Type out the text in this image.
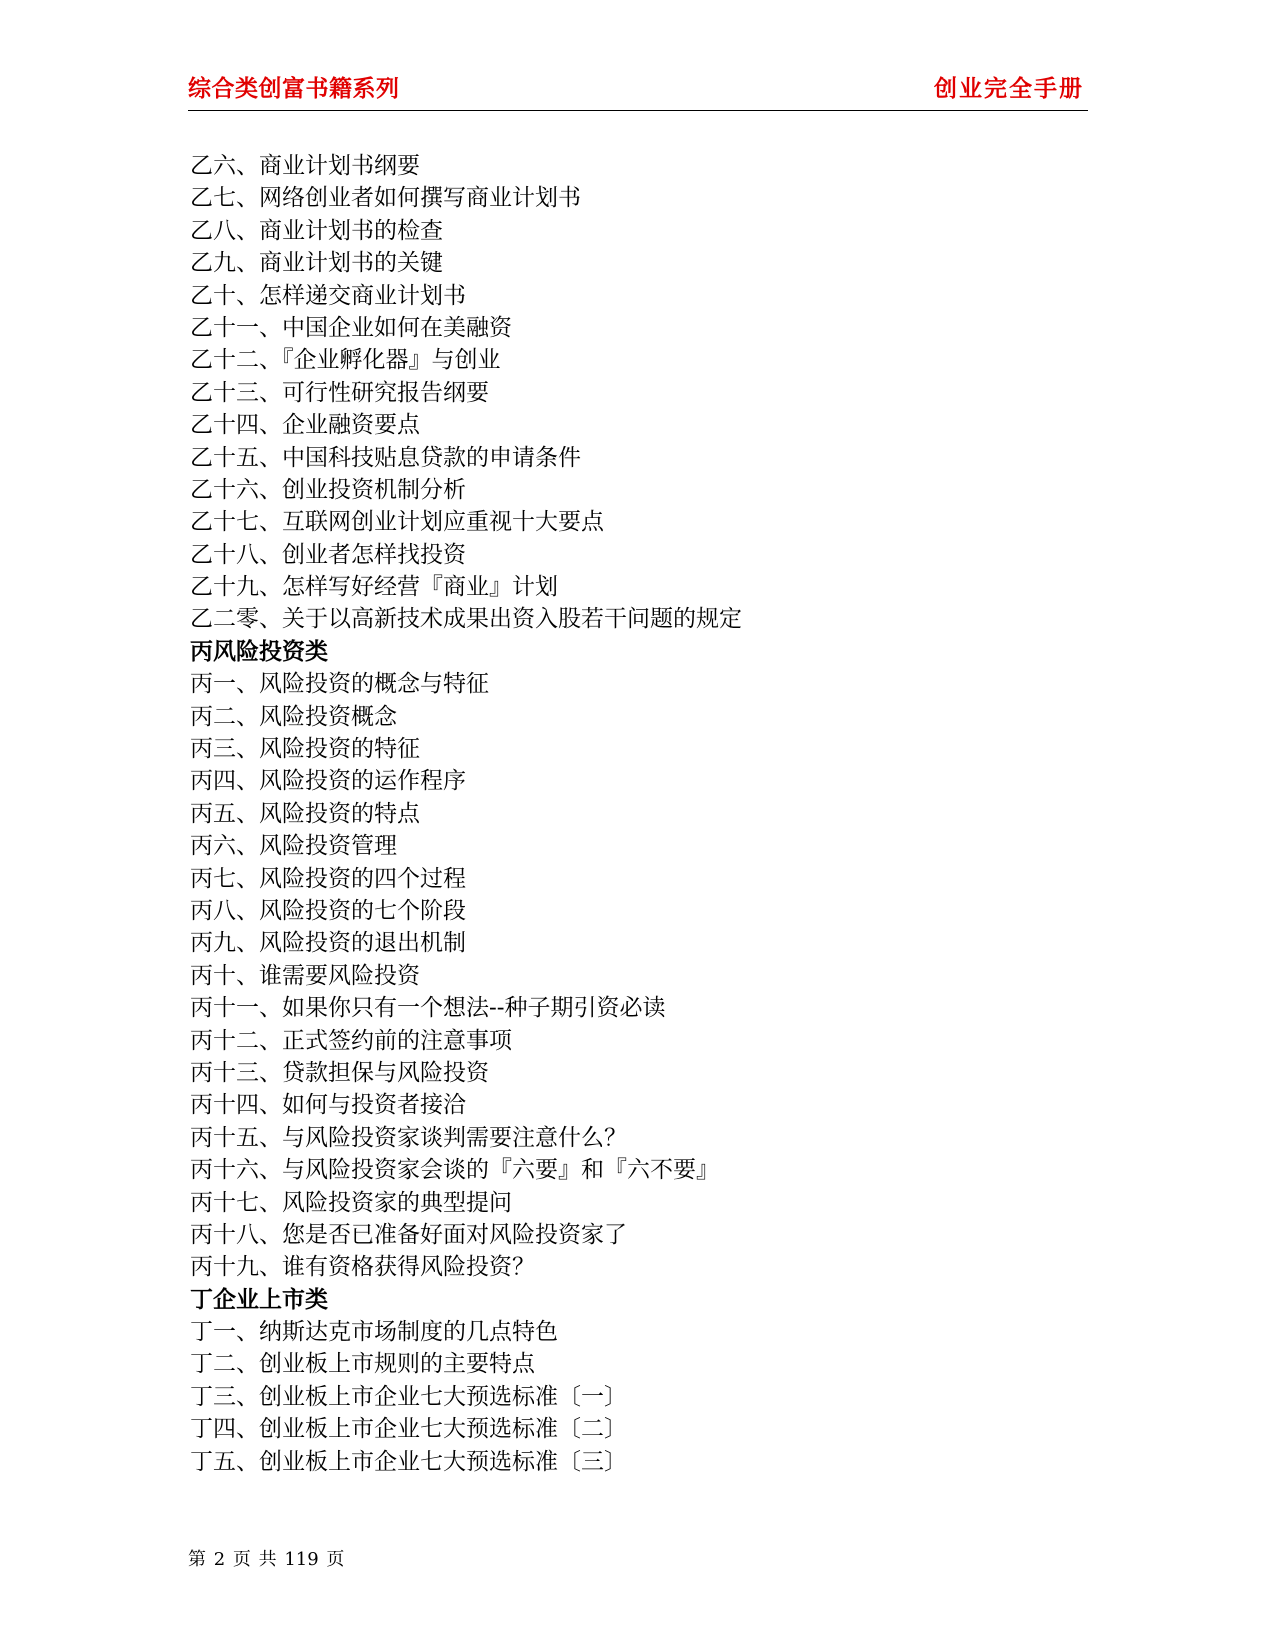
综合类创富书籍系列	创业完全手册
乙六、商业计划书纲要
乙七、网络创业者如何撰写商业计划书
乙八、商业计划书的检查
乙九、商业计划书的关键
乙十、怎样递交商业计划书
乙十一、中国企业如何在美融资
乙十二、『企业孵化器』与创业
乙十三、可行性研究报告纲要
乙十四、企业融资要点
乙十五、中国科技贴息贷款的申请条件
乙十六、创业投资机制分析
乙十七、互联网创业计划应重视十大要点
乙十八、创业者怎样找投资
乙十九、怎样写好经营『商业』计划
乙二零、关于以高新技术成果出资入股若干问题的规定
丙风险投资类
丙一、风险投资的概念与特征
丙二、风险投资概念
丙三、风险投资的特征
丙四、风险投资的运作程序
丙五、风险投资的特点
丙六、风险投资管理
丙七、风险投资的四个过程
丙八、风险投资的七个阶段
丙九、风险投资的退出机制
丙十、谁需要风险投资
丙十一、如果你只有一个想法--种子期引资必读
丙十二、正式签约前的注意事项
丙十三、贷款担保与风险投资
丙十四、如何与投资者接洽
丙十五、与风险投资家谈判需要注意什么？
丙十六、与风险投资家会谈的『六要』和『六不要』
丙十七、风险投资家的典型提问
丙十八、您是否已准备好面对风险投资家了
丙十九、谁有资格获得风险投资？
丁企业上市类
丁一、纳斯达克市场制度的几点特色
丁二、创业板上市规则的主要特点
丁三、创业板上市企业七大预选标准〔一〕
丁四、创业板上市企业七大预选标准〔二〕
丁五、创业板上市企业七大预选标准〔三〕
第 2 页 共 119 页
